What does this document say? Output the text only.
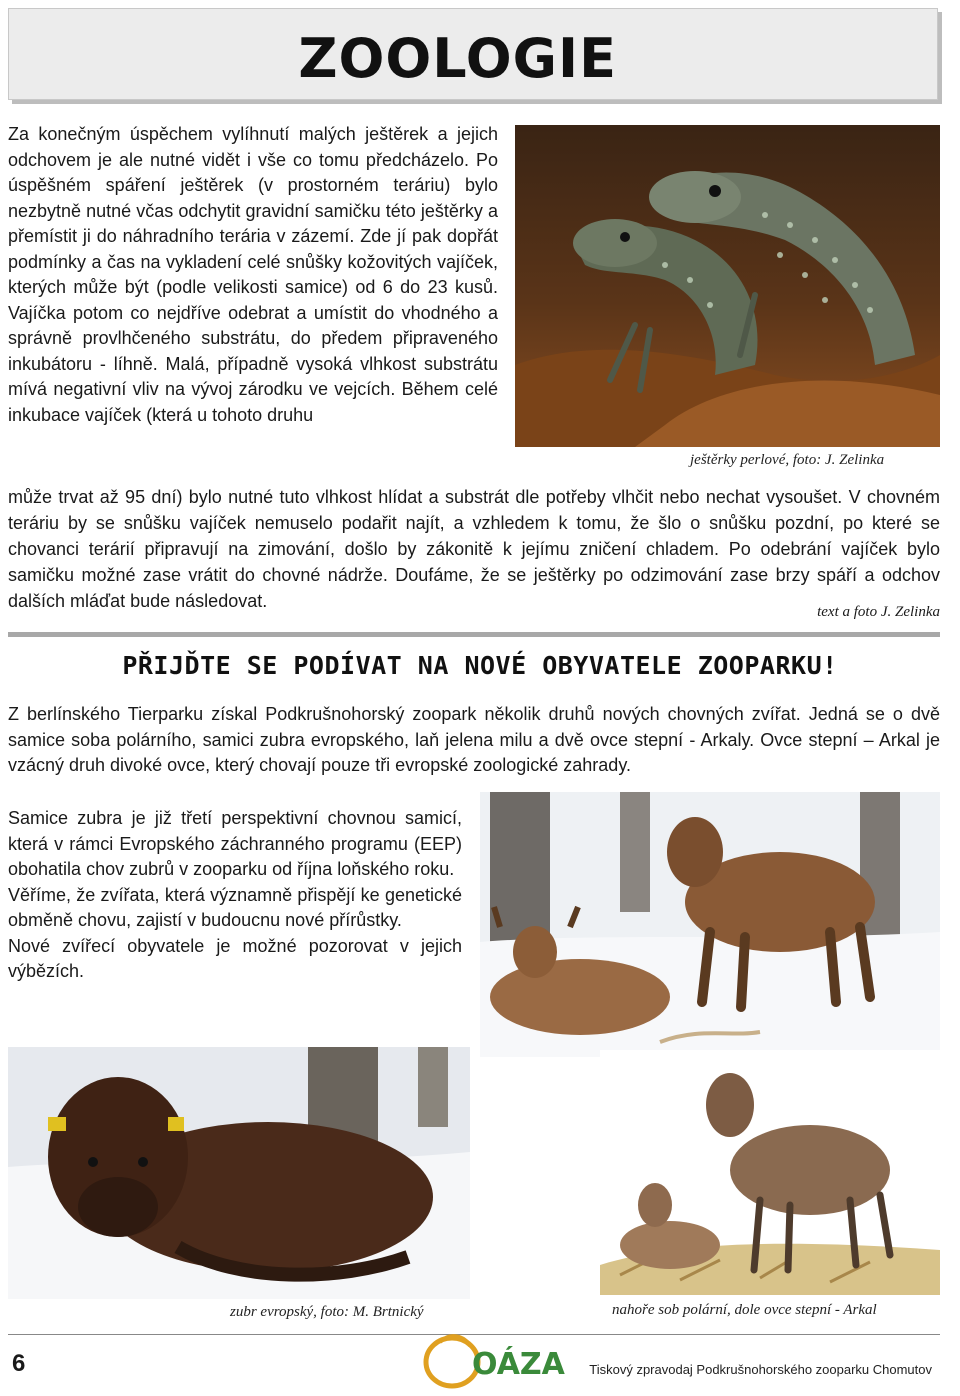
ZOOLOGIE

Za konečným úspěchem vylíhnutí malých ještěrek a jejich odchovem je ale nutné vidět i vše co tomu předcházelo. Po úspěšném spáření ještěrek (v prostorném teráriu) bylo nezbytně nutné včas odchytit gravidní samičku této ještěrky a přemístit ji do náhradního terária v zázemí. Zde jí pak dopřát podmínky a čas na vykladení celé snůšky kožovitých vajíček, kterých může být (podle velikosti samice) od 6 do 23 kusů. Vajíčka potom co nejdříve odebrat a umístit do vhodného a správně provlhčeného substrátu, do předem připraveného inkubátoru - líhně. Malá, případně vysoká vlhkost substrátu mívá negativní vliv na vývoj zárodku ve vejcích. Během celé inkubace vajíček (která u tohoto druhu

ještěrky perlové, foto: J. Zelinka

může trvat až 95 dní) bylo nutné tuto vlhkost hlídat a substrát dle potřeby vlhčit nebo nechat vysoušet. V chovném teráriu by se snůšku vajíček nemuselo podařit najít, a vzhledem k tomu, že šlo o snůšku pozdní, po které se chovanci terárií připravují na zimování, došlo by zákonitě k jejímu zničení chladem. Po odebrání vajíček bylo samičku možné zase vrátit do chovné nádrže. Doufáme, že se ještěrky po odzimování zase brzy spáří a odchov dalších mláďat bude následovat.

text a foto J. Zelinka
PŘIJĎTE SE PODÍVAT NA NOVÉ OBYVATELE ZOOPARKU!

Z berlínského Tierparku získal Podkrušnohorský zoopark několik druhů nových chovných zvířat. Jedná se o dvě samice soba polárního, samici zubra evropského, laň jelena milu a dvě ovce stepní - Arkaly. Ovce stepní – Arkal je vzácný druh divoké ovce, který chovají pouze tři evropské zoologické zahrady.

Samice zubra je již třetí perspektivní chovnou samicí, která v rámci Evropského záchranného programu (EEP) obohatila chov zubrů v zooparku od října loňského roku.

Věříme, že zvířata, která významně přispějí ke genetické obměně chovu, zajistí v budoucnu nové přírůstky.

Nové zvířecí obyvatele je možné pozorovat v jejich výbězích.

zubr evropský, foto: M. Brtnický	nahoře sob polární, dole ovce stepní - Arkal
6	OÁZA Tiskový zpravodaj Podkrušnohorského zooparku Chomutov
